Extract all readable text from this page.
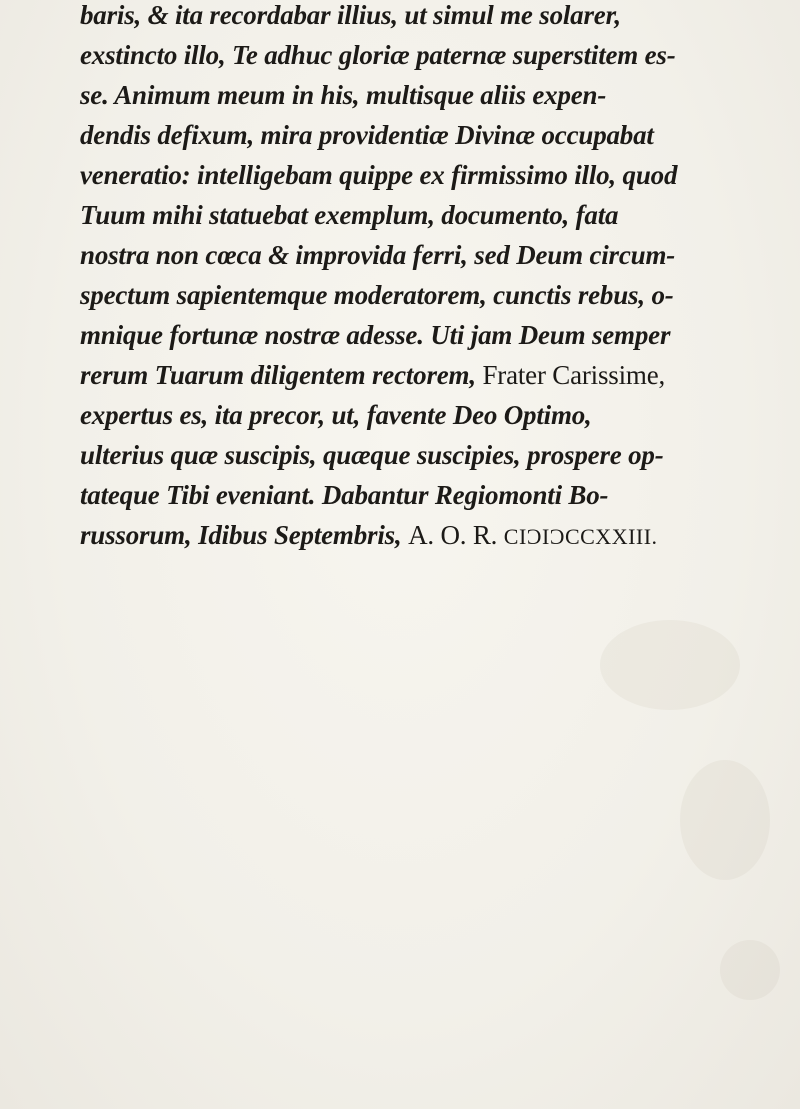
baris, & ita recordabar illius, ut simul me solarer,
exstincto illo, Te adhuc gloriæ paternæ superstitem es-
se. Animum meum in his, multisque aliis expen-
dendis defixum, mira providentiæ Divinæ occupabat
veneratio: intelligebam quippe ex firmissimo illo, quod
Tuum mihi statuebat exemplum, documento, fata
nostra non cœca & improvida ferri, sed Deum circum-
spectum sapientemque moderatorem, cunctis rebus, o-
mnique fortunæ nostræ adesse. Uti jam Deum semper
rerum Tuarum diligentem rectorem, Frater Carissime,
expertus es, ita precor, ut, favente Deo Optimo,
ulterius quæ suscipis, quæque suscipies, prospere op-
tateque Tibi eveniant. Dabantur Regiomonti Bo-
russorum, Idibus Septembris, A. O. R. CIƆIƆCCXXIII.
